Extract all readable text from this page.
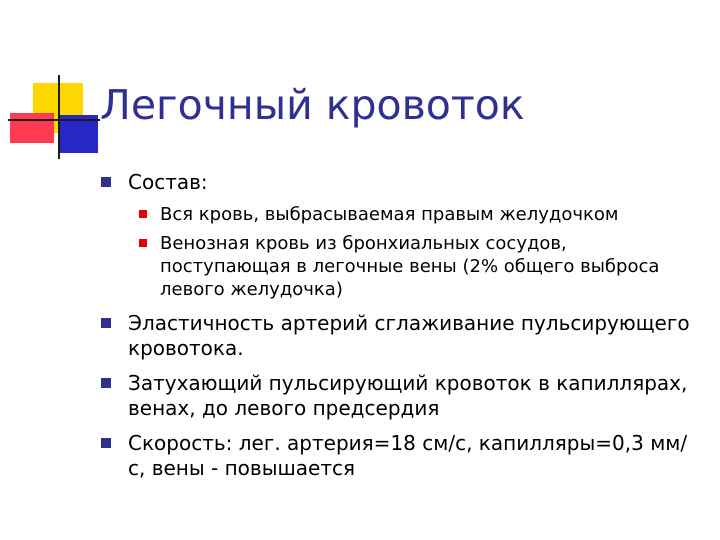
Легочный кровоток
Состав:
Вся кровь, выбрасываемая правым желудочком
Венозная кровь из бронхиальных сосудов, поступающая в легочные вены (2% общего выброса левого желудочка)
Эластичность артерий сглаживание пульсирующего кровотока.
Затухающий пульсирующий кровоток в капиллярах, венах, до левого предсердия
Скорость: лег. артерия=18 см/с, капилляры=0,3 мм/с, вены - повышается
